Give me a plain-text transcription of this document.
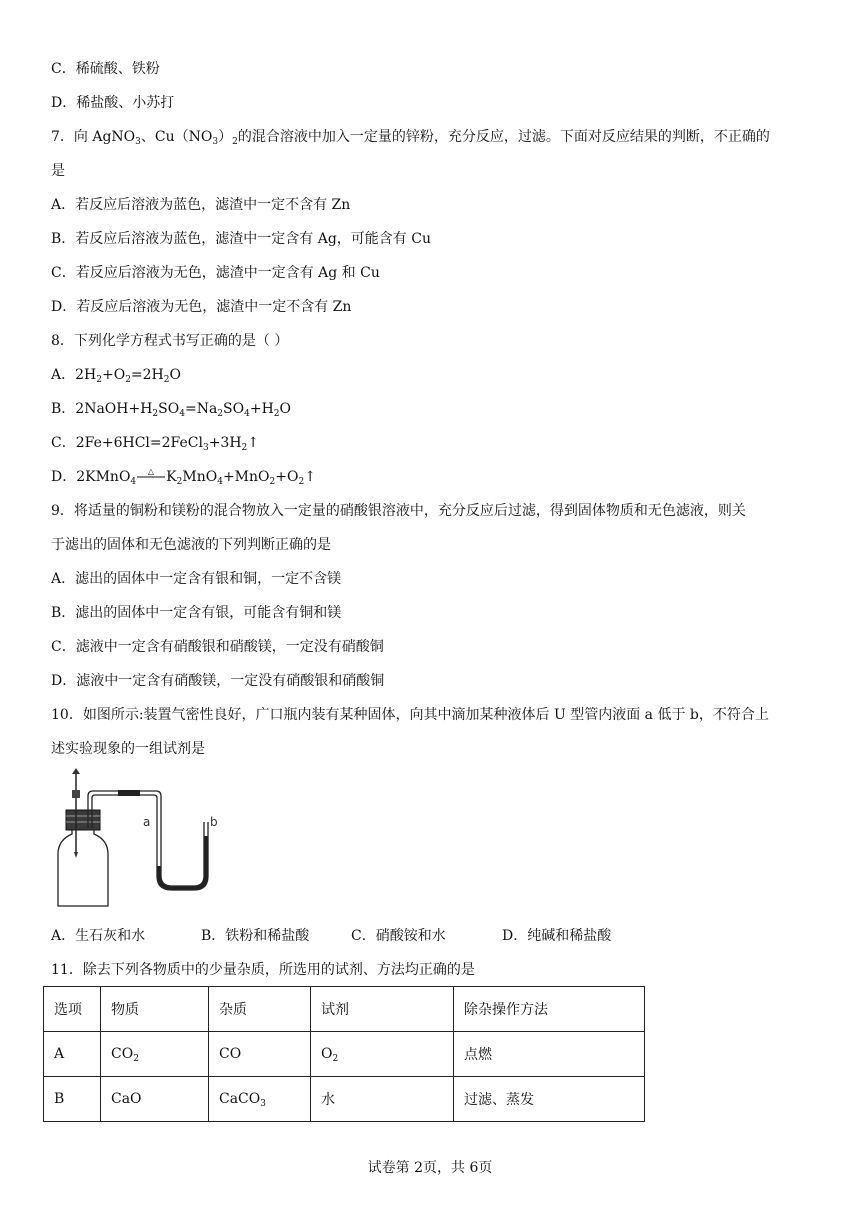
C．稀硫酸、铁粉
D．稀盐酸、小苏打
7．向 AgNO$_3$、$Cu(NO_3)_2$的混合溶液中加入一定量的锌粉，充分反应，过滤。下面对反应结果的判断，不正确的
是
A．若反应后溶液为蓝色，滤渣中一定不含有 Zn
B．若反应后溶液为蓝色，滤渣中一定含有 Ag，可能含有 Cu
C．若反应后溶液为无色，滤渣中一定含有 Ag 和 Cu
D．若反应后溶液为无色，滤渣中一定不含有 Zn
8．下列化学方程式书写正确的是（ ）
A．$2H_2+O_2=2H_2O$
B．$2NaOH+H_2SO_4=Na_2SO_4+H_2O$
C．$2Fe+6HCl=2FeCl_3+3H_2↑$
D．2KMnO$_4$
△ $K_2MnO_4+MnO_2+O_2↑$
9．将适量的铜粉和镁粉的混合物放入一定量的硝酸银溶液中，充分反应后过滤，得到固体物质和无色滤液，则关
于滤出的固体和无色滤液的下列判断正确的是
A．滤出的固体中一定含有银和铜，一定不含镁
B．滤出的固体中一定含有银，可能含有铜和镁
C．滤液中一定含有硝酸银和硝酸镁，一定没有硝酸铜
D．滤液中一定含有硝酸镁，一定没有硝酸银和硝酸铜
10．如图所示:装置气密性良好，广口瓶内装有某种固体，向其中滴加某种液体后 U 型管内液面 a 低于 b，不符合上
述实验现象的一组试剂是
a	b
A．生石灰和水	B．铁粉和稀盐酸	C．硝酸铵和水	D．纯碱和稀盐酸
11．除去下列各物质中的少量杂质，所选用的试剂、方法均正确的是
选项	物质	杂质	试剂	除杂操作方法
A	$CO_2$	CO	$O_2$	点燃
B	CaO	CaCO$_3$	水	过滤、蒸发
试卷第 2页，共 6页
